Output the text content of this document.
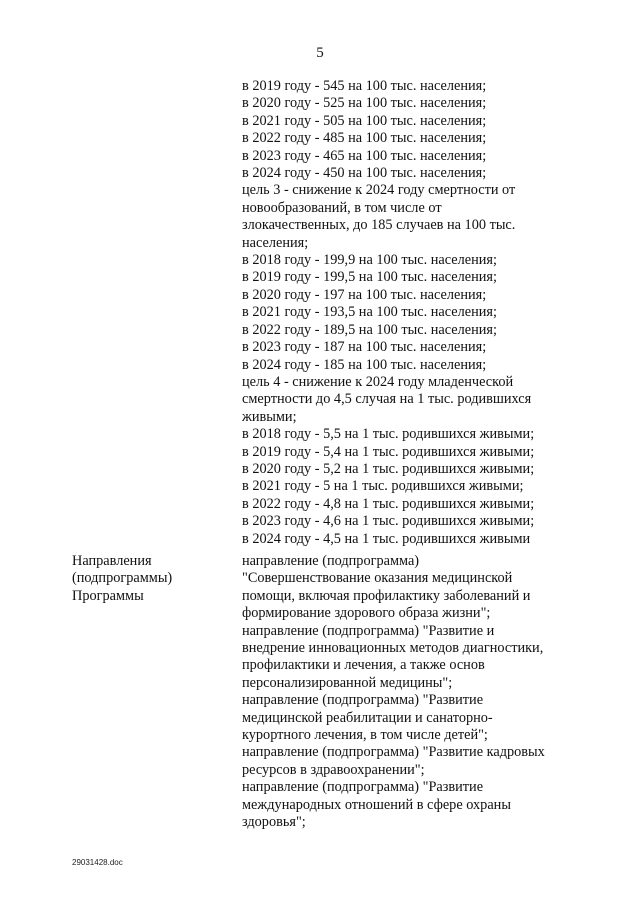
5
в 2019 году - 545 на 100 тыс. населения;
в 2020 году - 525 на 100 тыс. населения;
в 2021 году - 505 на 100 тыс. населения;
в 2022 году - 485 на 100 тыс. населения;
в 2023 году - 465 на 100 тыс. населения;
в 2024 году - 450 на 100 тыс. населения;
цель 3 - снижение к 2024 году смертности от
новообразований, в том числе от
злокачественных, до 185 случаев на 100 тыс.
населения;
в 2018 году - 199,9 на 100 тыс. населения;
в 2019 году - 199,5 на 100 тыс. населения;
в 2020 году - 197 на 100 тыс. населения;
в 2021 году - 193,5 на 100 тыс. населения;
в 2022 году - 189,5 на 100 тыс. населения;
в 2023 году - 187 на 100 тыс. населения;
в 2024 году - 185 на 100 тыс. населения;
цель 4 - снижение к 2024 году младенческой
смертности до 4,5 случая на 1 тыс. родившихся
живыми;
в 2018 году - 5,5 на 1 тыс. родившихся живыми;
в 2019 году - 5,4 на 1 тыс. родившихся живыми;
в 2020 году - 5,2 на 1 тыс. родившихся живыми;
в 2021 году - 5 на 1 тыс. родившихся живыми;
в 2022 году - 4,8 на 1 тыс. родившихся живыми;
в 2023 году - 4,6 на 1 тыс. родившихся живыми;
в 2024 году - 4,5 на 1 тыс. родившихся живыми
Направления
(подпрограммы)
Программы
направление (подпрограмма)
"Совершенствование оказания медицинской
помощи, включая профилактику заболеваний и
формирование здорового образа жизни";
направление (подпрограмма) "Развитие и
внедрение инновационных методов диагностики,
профилактики и лечения, а также основ
персонализированной медицины";
направление (подпрограмма) "Развитие
медицинской реабилитации и санаторно-
курортного лечения, в том числе детей";
направление (подпрограмма) "Развитие кадровых
ресурсов в здравоохранении";
направление (подпрограмма) "Развитие
международных отношений в сфере охраны
здоровья";
29031428.doc
